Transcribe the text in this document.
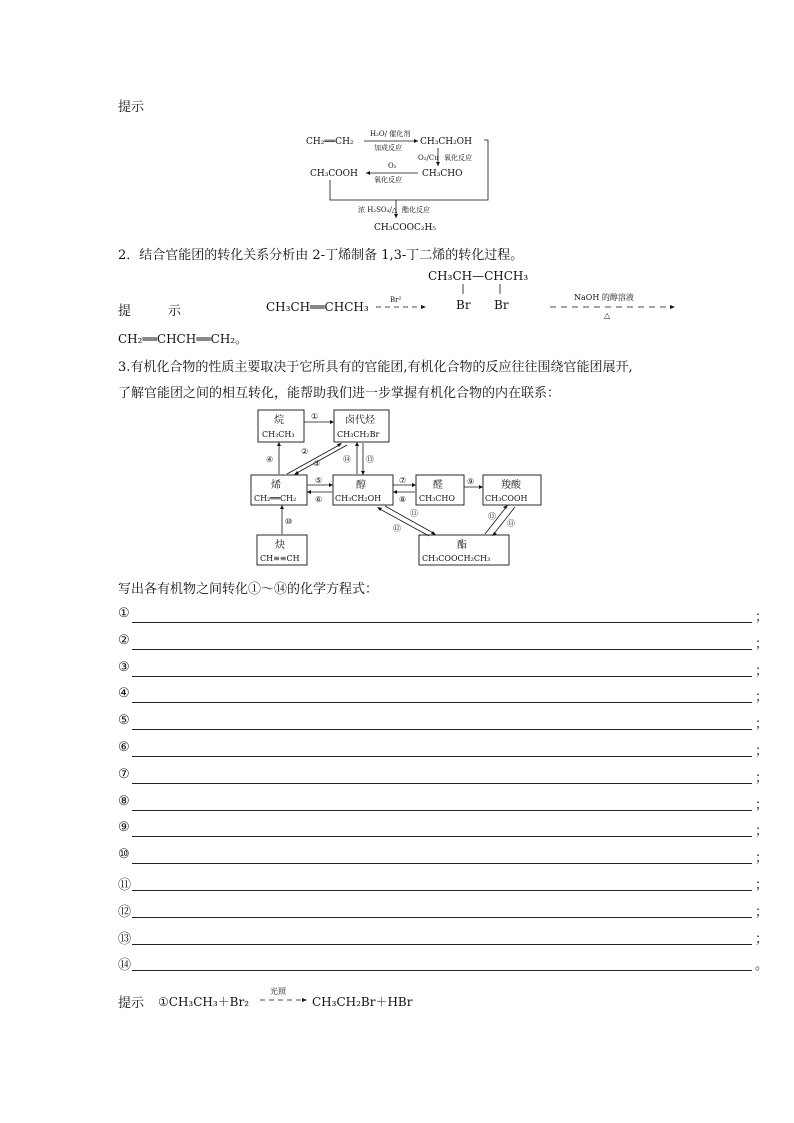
提示
CH₂══CH₂
H₂O/ 催化剂
加成反应
CH₃CH₂OH
O₂/Cu 氧化反应
CH₃COOH
O₂
氧化反应
CH₃CHO
浓 H₂SO₄/△ 酯化反应
CH₃COOC₂H₅
2．结合官能团的转化关系分析由 2-丁烯制备 1,3-丁二烯的转化过程。
提	示	CH₃CH══CHCH₃	Br²
CH₃CH—CHCH₃
Br Br
NaOH 的醇溶液
△
CH₂══CHCH══CH₂。
3.有机化合物的性质主要取决于它所具有的官能团,有机化合物的反应往往围绕官能团展开,
了解官能团之间的相互转化，能帮助我们进一步掌握有机化合物的内在联系：
烷
CH₃CH₃
卤代烃
CH₃CH₂Br
烯
CH₂══CH₂
醇
CH₃CH₂OH
醛
CH₃CHO
羧酸
CH₃COOH
炔
CH≡≡CH
酯
CH₃COOCH₂CH₃
①
④
②
③	⑭ ⑬
⑤
⑥
⑦
⑧
⑨
⑩
⑪
⑫
⑫
⑪
写出各有机物之间转化①～⑭的化学方程式：
①	；
②	；
③	；
④	；
⑤	；
⑥	；
⑦	；
⑧	；
⑨	；
⑩	；
⑪	；
⑫	；
⑬	；
⑭	。
提示 ①CH₃CH₃＋Br₂
光照
CH₃CH₂Br＋HBr
